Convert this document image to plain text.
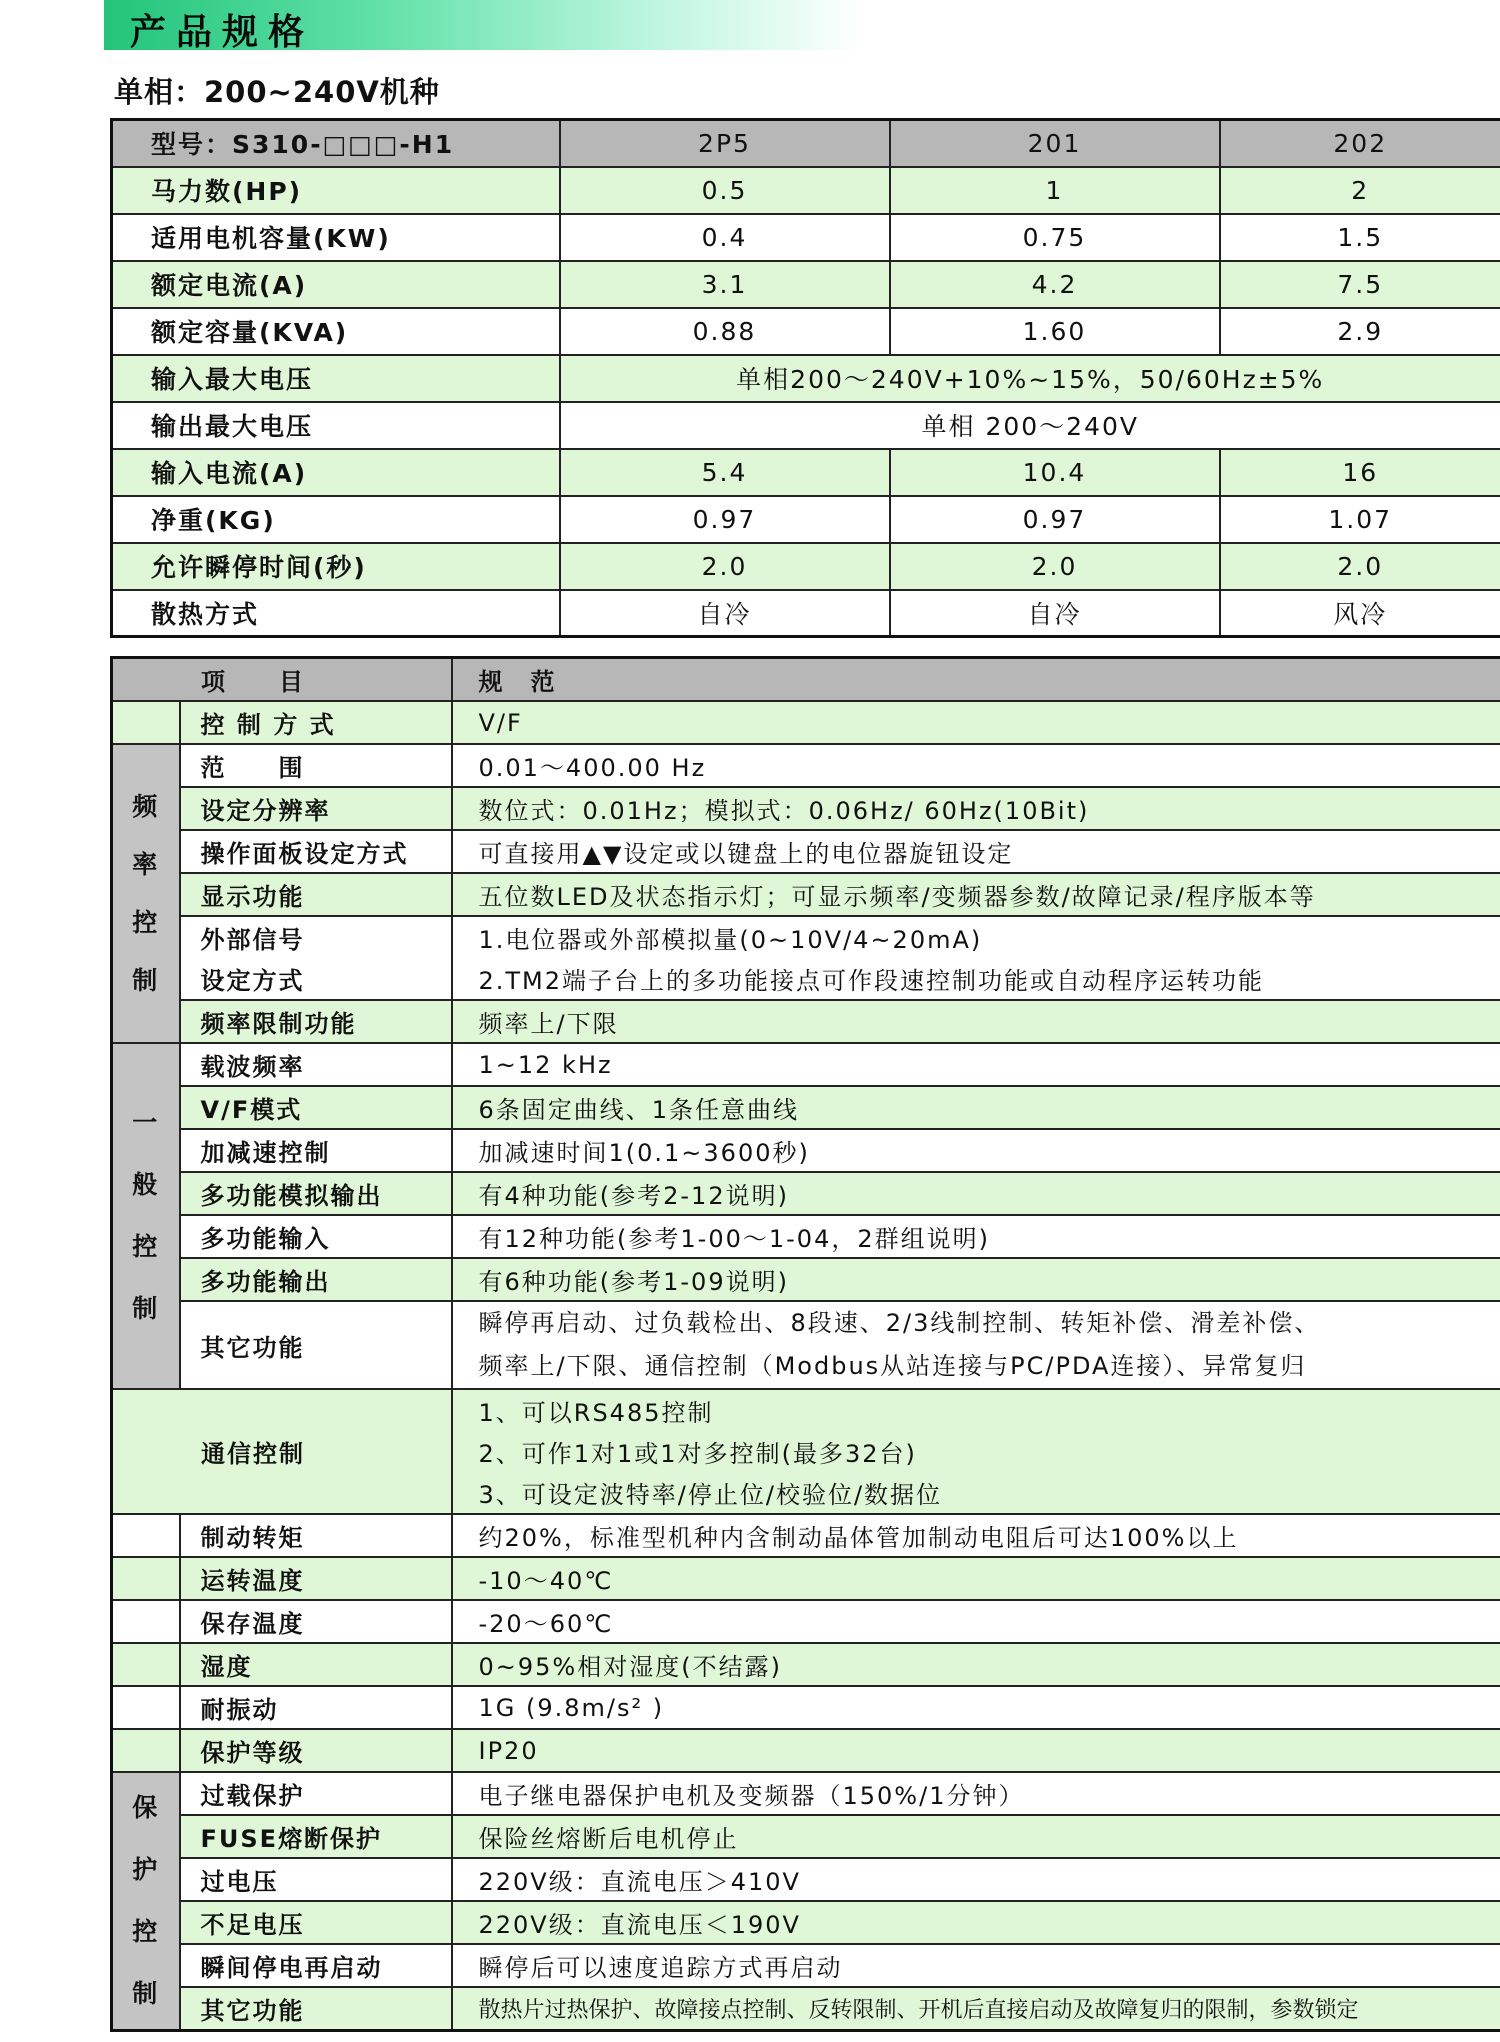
产品规格
单相：200~240V机种
型号：S310-□□□-H1	2P5	201	202
马力数(HP)	0.5	1	2
适用电机容量(KW)	0.4	0.75	1.5
额定电流(A)	3.1	4.2	7.5
额定容量(KVA)	0.88	1.60	2.9
输入最大电压	单相200～240V+10%~15%，50/60Hz±5%		
输出最大电压	单相 200～240V		
输入电流(A)	5.4	10.4	16
净重(KG)	0.97	0.97	1.07
允许瞬停时间(秒)	2.0	2.0	2.0
散热方式	自冷	自冷	风冷
项　　目		规　范
	控 制 方 式	V/F
频
率
控
制	范　　围	0.01～400.00 Hz
	设定分辨率	数位式：0.01Hz；模拟式：0.06Hz/ 60Hz(10Bit)
	操作面板设定方式	可直接用▲▼设定或以键盘上的电位器旋钮设定
	显示功能	五位数LED及状态指示灯；可显示频率/变频器参数/故障记录/程序版本等
	外部信号	1.电位器或外部模拟量(0~10V/4~20mA)
	设定方式	2.TM2端子台上的多功能接点可作段速控制功能或自动程序运转功能
	频率限制功能	频率上/下限
一
般
控
制	载波频率	1~12 kHz
	V/F模式	6条固定曲线、1条任意曲线
	加减速控制	加减速时间1(0.1~3600秒)
	多功能模拟输出	有4种功能(参考2-12说明)
	多功能输入	有12种功能(参考1-00～1-04，2群组说明)
	多功能输出	有6种功能(参考1-09说明)
	其它功能	瞬停再启动、过负载检出、8段速、2/3线制控制、转矩补偿、滑差补偿、
		频率上/下限、通信控制（Modbus从站连接与PC/PDA连接）、异常复归
通信控制		1、可以RS485控制
		2、可作1对1或1对多控制(最多32台)
		3、可设定波特率/停止位/校验位/数据位
	制动转矩	约20%，标准型机种内含制动晶体管加制动电阻后可达100%以上
	运转温度	-10～40℃
	保存温度	-20～60℃
	湿度	0~95%相对湿度(不结露)
	耐振动	1G (9.8m/s² )
	保护等级	IP20
保
护
控
制	过载保护	电子继电器保护电机及变频器（150%/1分钟）
	FUSE熔断保护	保险丝熔断后电机停止
	过电压	220V级：直流电压＞410V
	不足电压	220V级：直流电压＜190V
	瞬间停电再启动	瞬停后可以速度追踪方式再启动
	其它功能	散热片过热保护、故障接点控制、反转限制、开机后直接启动及故障复归的限制，参数锁定
